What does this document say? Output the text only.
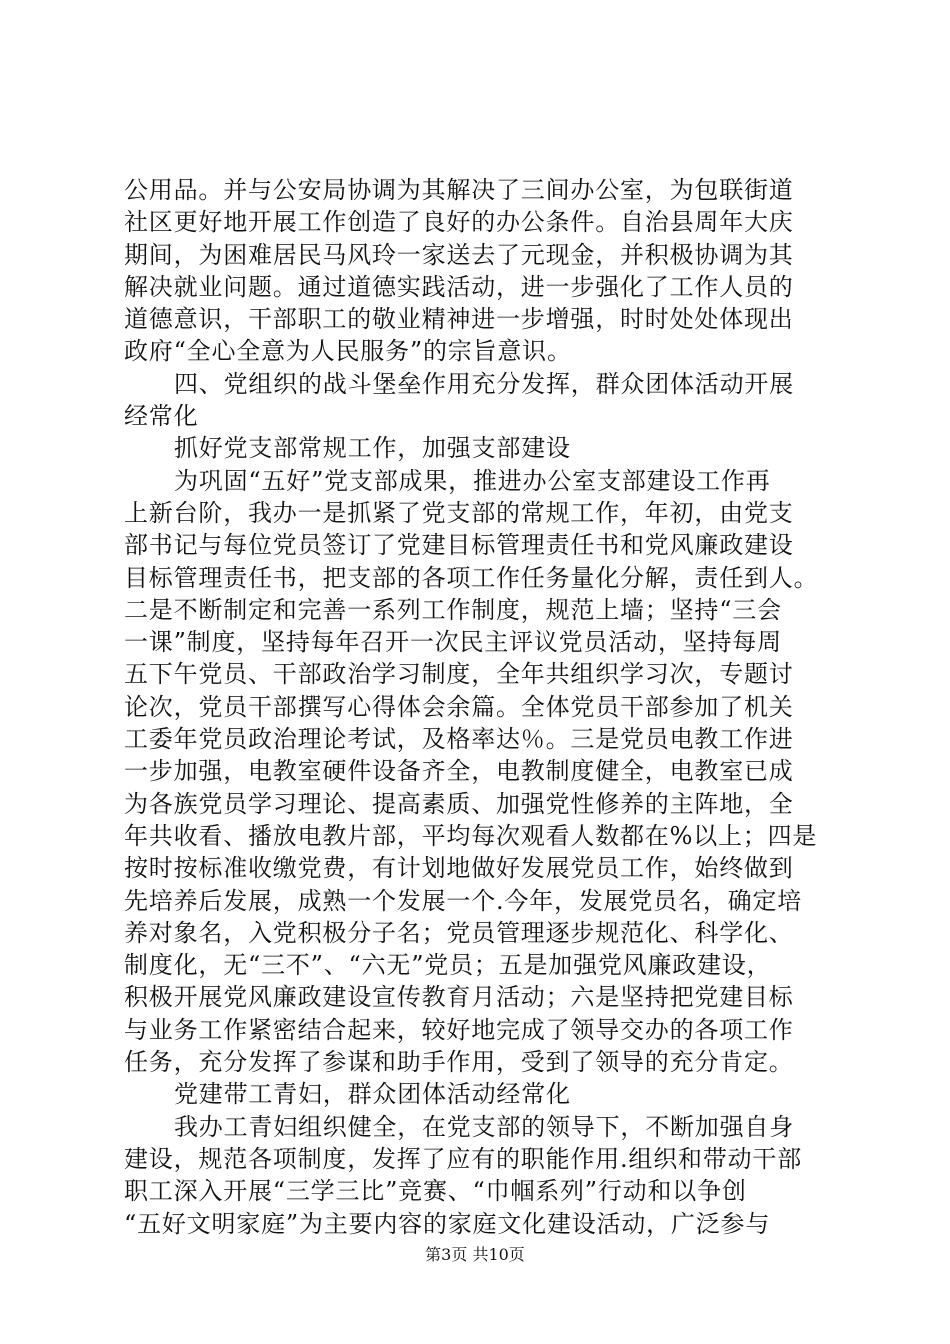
公用品。并与公安局协调为其解决了三间办公室，为包联街道
社区更好地开展工作创造了良好的办公条件。自治县周年大庆
期间，为困难居民马风玲一家送去了元现金，并积极协调为其
解决就业问题。通过道德实践活动，进一步强化了工作人员的
道德意识，干部职工的敬业精神进一步增强，时时处处体现出
政府“全心全意为人民服务”的宗旨意识。
四、党组织的战斗堡垒作用充分发挥，群众团体活动开展
经常化
抓好党支部常规工作，加强支部建设
为巩固“五好”党支部成果，推进办公室支部建设工作再
上新台阶，我办一是抓紧了党支部的常规工作，年初，由党支
部书记与每位党员签订了党建目标管理责任书和党风廉政建设
目标管理责任书，把支部的各项工作任务量化分解，责任到人。
二是不断制定和完善一系列工作制度，规范上墙；坚持“三会
一课”制度，坚持每年召开一次民主评议党员活动，坚持每周
五下午党员、干部政治学习制度，全年共组织学习次，专题讨
论次，党员干部撰写心得体会余篇。全体党员干部参加了机关
工委年党员政治理论考试，及格率达％。三是党员电教工作进
一步加强，电教室硬件设备齐全，电教制度健全，电教室已成
为各族党员学习理论、提高素质、加强党性修养的主阵地，全
年共收看、播放电教片部，平均每次观看人数都在%以上；四是
按时按标准收缴党费，有计划地做好发展党员工作，始终做到
先培养后发展，成熟一个发展一个.今年，发展党员名，确定培
养对象名，入党积极分子名；党员管理逐步规范化、科学化、
制度化，无“三不”、“六无”党员；五是加强党风廉政建设，
积极开展党风廉政建设宣传教育月活动；六是坚持把党建目标
与业务工作紧密结合起来，较好地完成了领导交办的各项工作
任务，充分发挥了参谋和助手作用，受到了领导的充分肯定。
党建带工青妇，群众团体活动经常化
我办工青妇组织健全，在党支部的领导下，不断加强自身
建设，规范各项制度，发挥了应有的职能作用.组织和带动干部
职工深入开展“三学三比”竞赛、“巾帼系列”行动和以争创
“五好文明家庭”为主要内容的家庭文化建设活动，广泛参与
第3页 共10页
